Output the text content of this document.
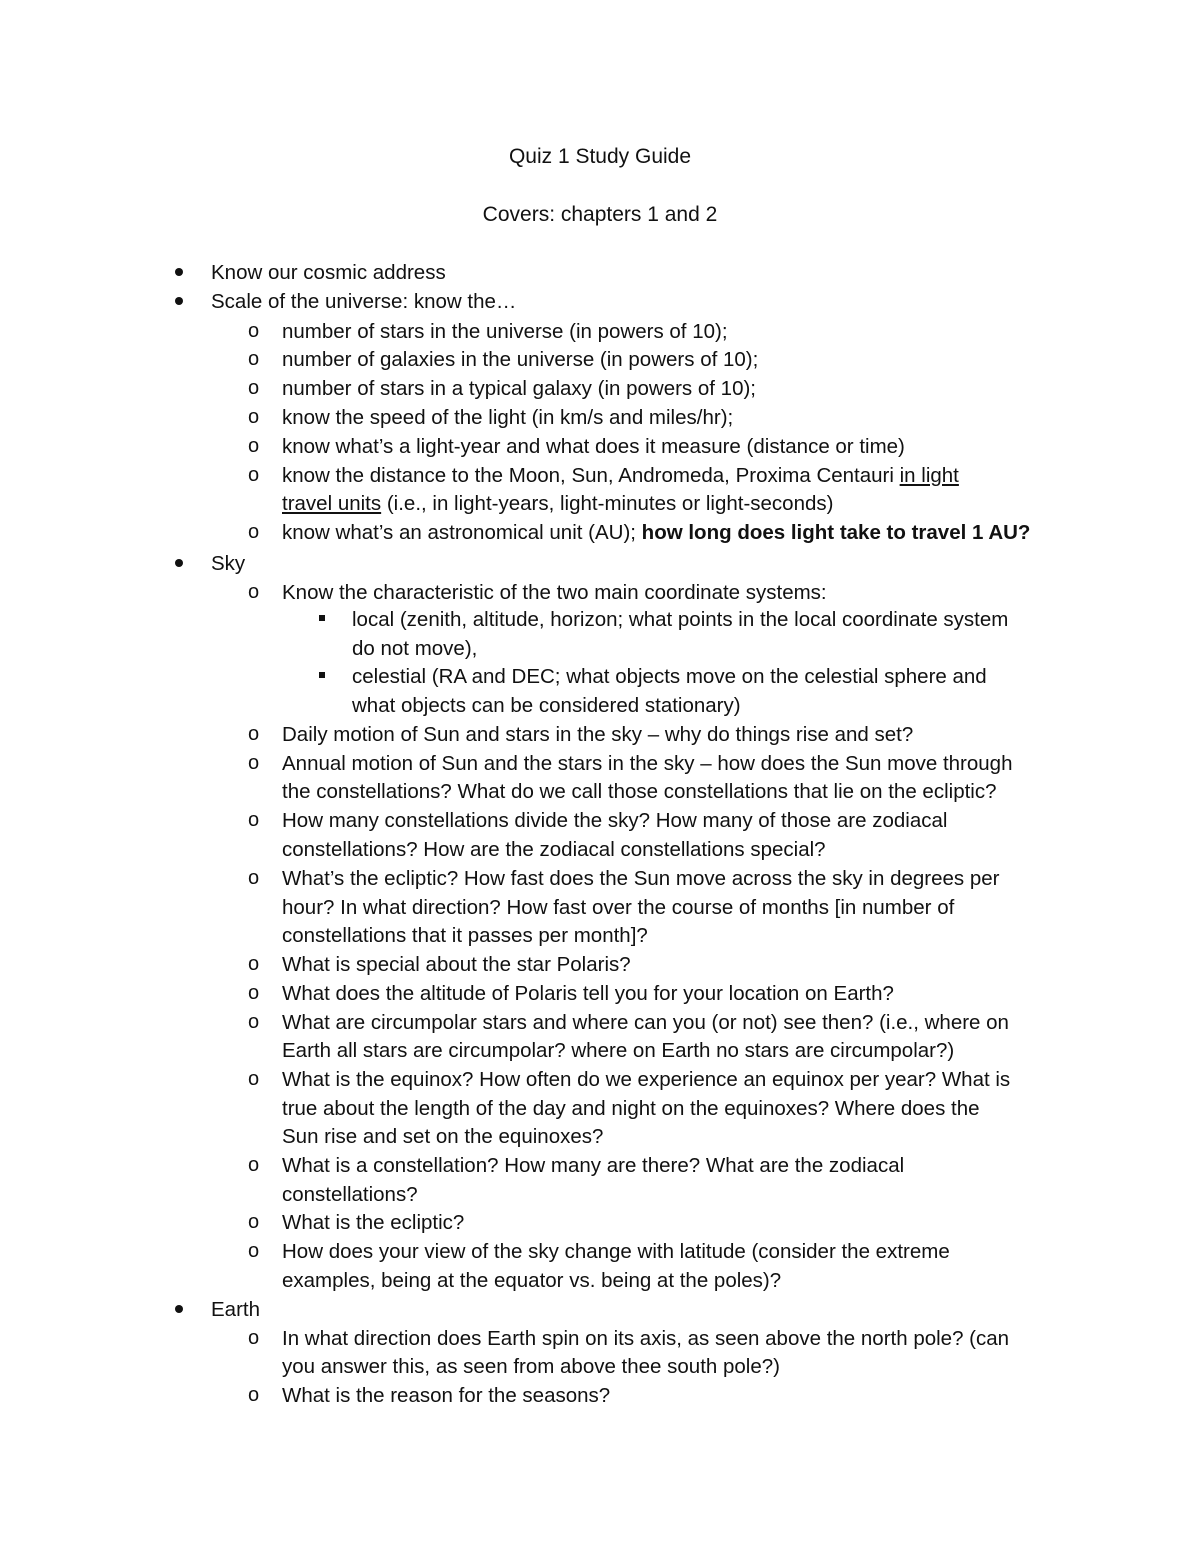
Quiz 1 Study Guide
Covers: chapters 1 and 2
Know our cosmic address
Scale of the universe: know the…
o number of stars in the universe (in powers of 10);
o number of galaxies in the universe (in powers of 10);
o number of stars in a typical galaxy (in powers of 10);
o know the speed of the light (in km/s and miles/hr);
o know what’s a light-year and what does it measure (distance or time)
o know the distance to the Moon, Sun, Andromeda, Proxima Centauri in light
travel units (i.e., in light-years, light-minutes or light-seconds)
o know what’s an astronomical unit (AU); how long does light take to travel 1 AU?
Sky
o Know the characteristic of the two main coordinate systems:
local (zenith, altitude, horizon; what points in the local coordinate system
do not move),
celestial (RA and DEC; what objects move on the celestial sphere and
what objects can be considered stationary)
o Daily motion of Sun and stars in the sky – why do things rise and set?
o Annual motion of Sun and the stars in the sky – how does the Sun move through
the constellations? What do we call those constellations that lie on the ecliptic?
o How many constellations divide the sky? How many of those are zodiacal
constellations? How are the zodiacal constellations special?
o What’s the ecliptic? How fast does the Sun move across the sky in degrees per
hour? In what direction? How fast over the course of months [in number of
constellations that it passes per month]?
o What is special about the star Polaris?
o What does the altitude of Polaris tell you for your location on Earth?
o What are circumpolar stars and where can you (or not) see then? (i.e., where on
Earth all stars are circumpolar? where on Earth no stars are circumpolar?)
o What is the equinox? How often do we experience an equinox per year? What is
true about the length of the day and night on the equinoxes? Where does the
Sun rise and set on the equinoxes?
o What is a constellation? How many are there? What are the zodiacal
constellations?
o What is the ecliptic?
o How does your view of the sky change with latitude (consider the extreme
examples, being at the equator vs. being at the poles)?
Earth
o In what direction does Earth spin on its axis, as seen above the north pole? (can
you answer this, as seen from above thee south pole?)
o What is the reason for the seasons?
